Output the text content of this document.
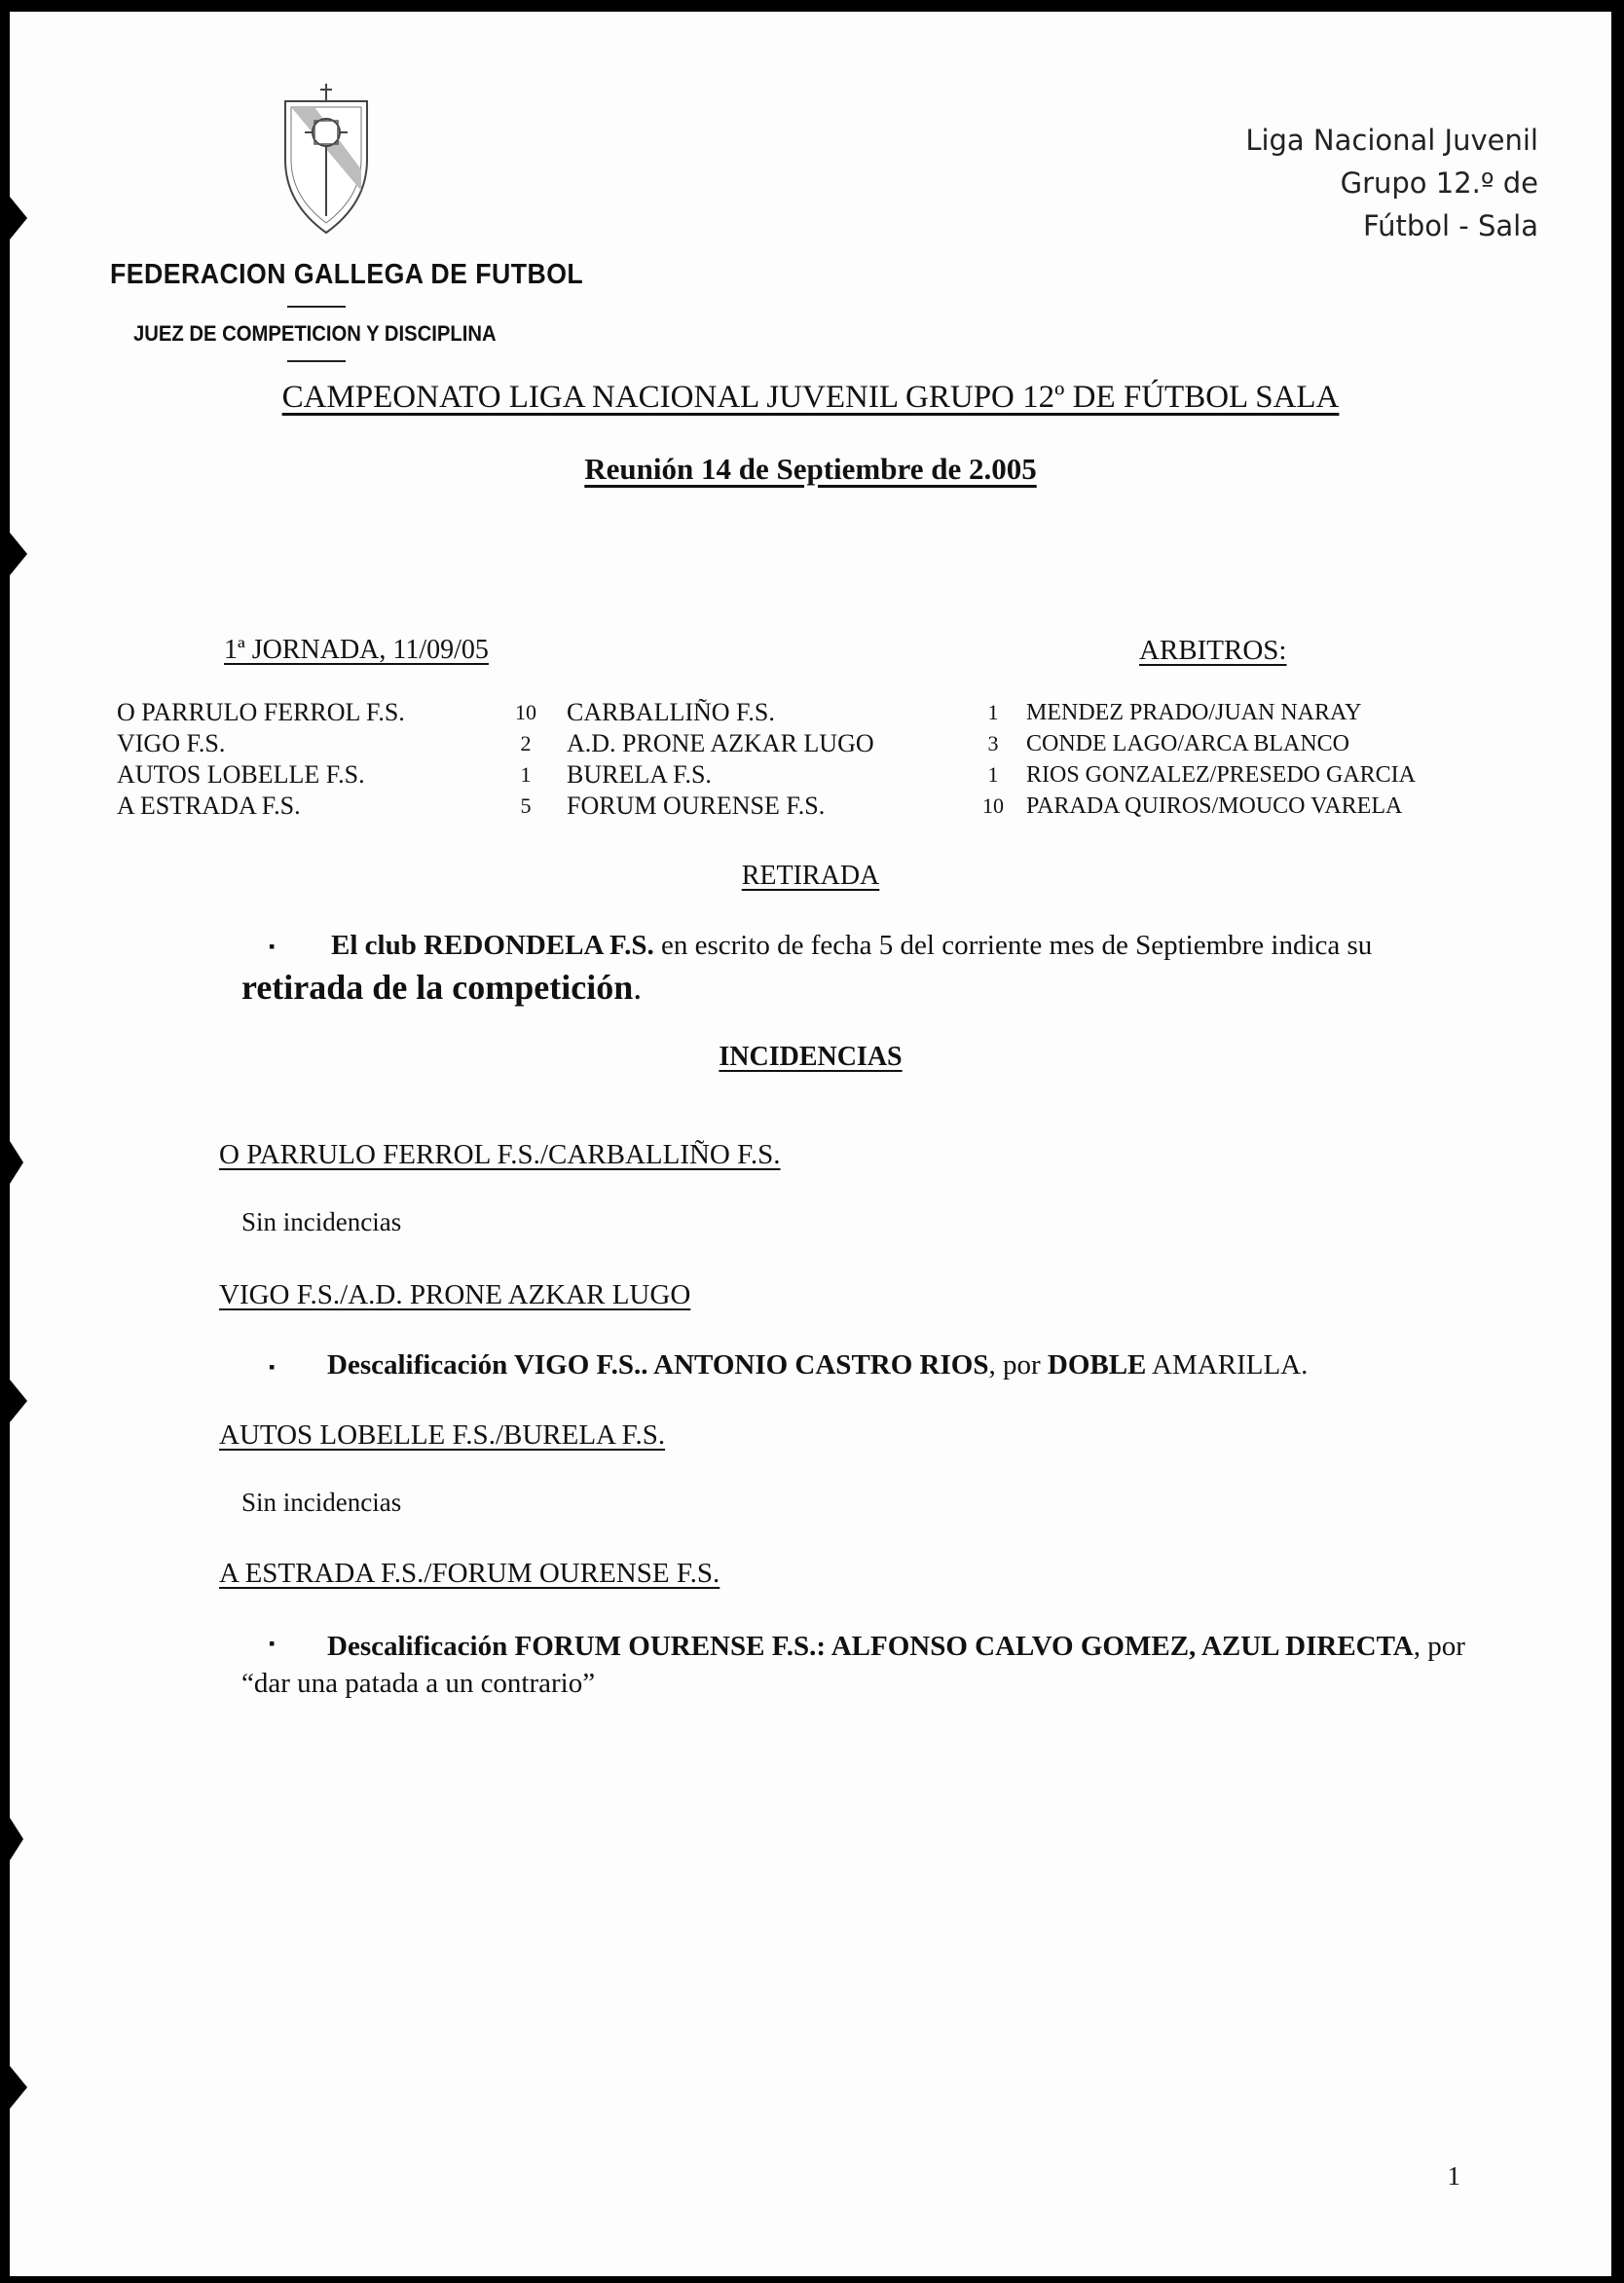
FEDERACION GALLEGA DE FUTBOL
JUEZ DE COMPETICION Y DISCIPLINA
Liga Nacional Juvenil
Grupo 12.º de
Fútbol - Sala
CAMPEONATO LIGA NACIONAL JUVENIL GRUPO 12º DE FÚTBOL SALA
Reunión 14 de Septiembre de 2.005
1ª JORNADA, 11/09/05	ARBITROS:
O PARRULO FERROL F.S.	10	CARBALLIÑO F.S.	1	MENDEZ PRADO/JUAN NARAY
VIGO F.S.	2	A.D. PRONE AZKAR LUGO	3	CONDE LAGO/ARCA BLANCO
AUTOS LOBELLE F.S.	1	BURELA F.S.	1	RIOS GONZALEZ/PRESEDO GARCIA
A ESTRADA F.S.	5	FORUM OURENSE F.S.	10 PARADA QUIROS/MOUCO VARELA
RETIRADA
▪ El club REDONDELA F.S. en escrito de fecha 5 del corriente mes de Septiembre indica su
retirada de la competición.
INCIDENCIAS
O PARRULO FERROL F.S./CARBALLIÑO F.S.
Sin incidencias
VIGO F.S./A.D. PRONE AZKAR LUGO
▪ Descalificación VIGO F.S.. ANTONIO CASTRO RIOS, por DOBLE AMARILLA.
AUTOS LOBELLE F.S./BURELA F.S.
Sin incidencias
A ESTRADA F.S./FORUM OURENSE F.S.
▪	Descalificación FORUM OURENSE F.S.: ALFONSO CALVO GOMEZ, AZUL DIRECTA, por “dar una patada a un contrario”
1
